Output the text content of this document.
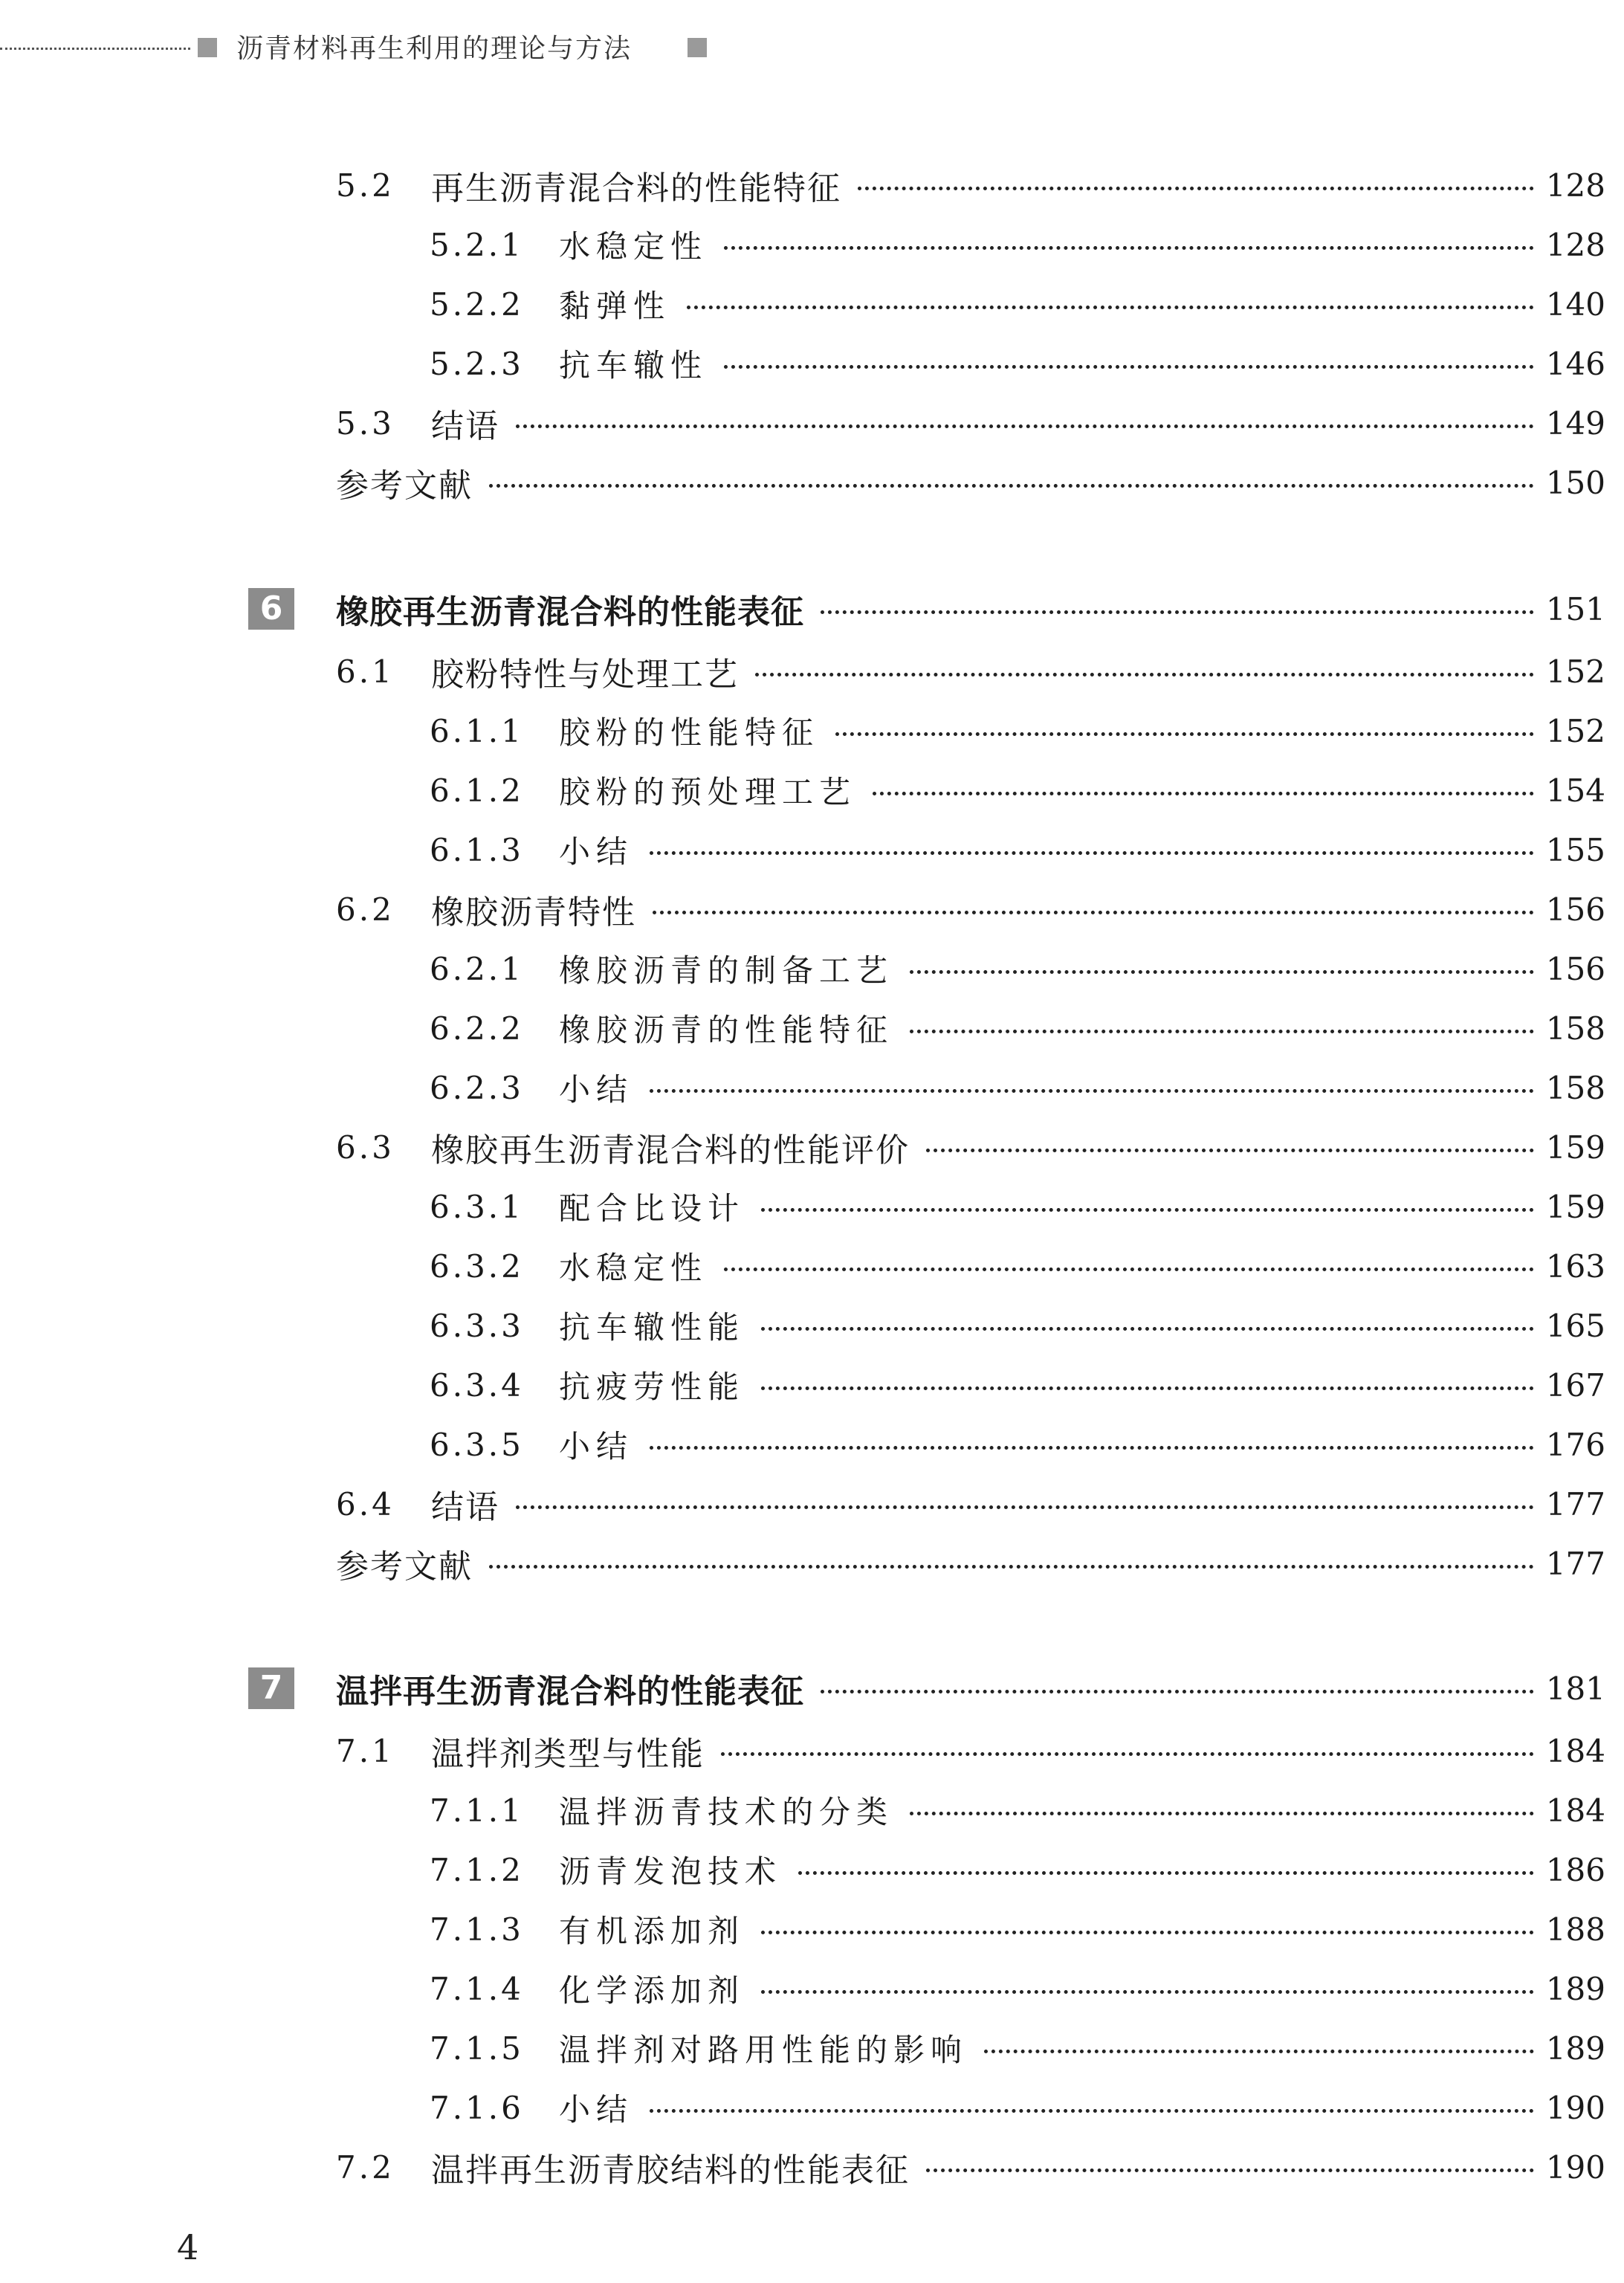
沥青材料再生利用的理论与方法
5.2	再生沥青混合料的性能特征	128
5.2.1	水稳定性	128
5.2.2	黏弹性	140
5.2.3	抗车辙性	146
5.3	结语	149
参考文献	150
6	橡胶再生沥青混合料的性能表征	151
6.1	胶粉特性与处理工艺	152
6.1.1	胶粉的性能特征	152
6.1.2	胶粉的预处理工艺	154
6.1.3	小结	155
6.2	橡胶沥青特性	156
6.2.1	橡胶沥青的制备工艺	156
6.2.2	橡胶沥青的性能特征	158
6.2.3	小结	158
6.3	橡胶再生沥青混合料的性能评价	159
6.3.1	配合比设计	159
6.3.2	水稳定性	163
6.3.3	抗车辙性能	165
6.3.4	抗疲劳性能	167
6.3.5	小结	176
6.4	结语	177
参考文献	177
7	温拌再生沥青混合料的性能表征	181
7.1	温拌剂类型与性能	184
7.1.1	温拌沥青技术的分类	184
7.1.2	沥青发泡技术	186
7.1.3	有机添加剂	188
7.1.4	化学添加剂	189
7.1.5	温拌剂对路用性能的影响	189
7.1.6	小结	190
7.2	温拌再生沥青胶结料的性能表征	190
4
